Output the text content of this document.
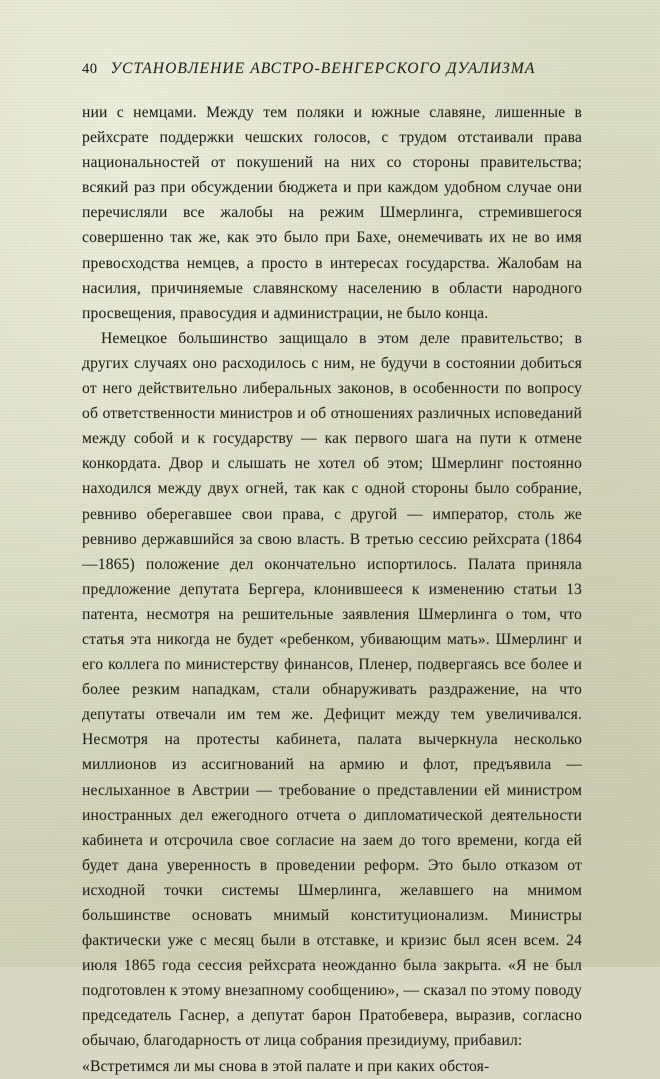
40 УСТАНОВЛЕНИЕ АВСТРО-ВЕНГЕРСКОГО ДУАЛИЗМА

нии с немцами. Между тем поляки и южные славяне, лишенные в рейхсрате поддержки чешских голосов, с трудом отстаивали права национальностей от покушений на них со стороны правительства; всякий раз при обсуждении бюджета и при каждом удобном случае они перечисляли все жалобы на режим Шмерлинга, стремившегося совершенно так же, как это было при Бахе, онемечивать их не во имя превосходства немцев, а просто в интересах государства. Жалобам на насилия, причиняемые славянскому населению в области народного просвещения, правосудия и администрации, не было конца.

Немецкое большинство защищало в этом деле правительство; в других случаях оно расходилось с ним, не будучи в состоянии добиться от него действительно либеральных законов, в особенности по вопросу об ответственности министров и об отношениях различных исповеданий между собой и к государству — как первого шага на пути к отмене конкордата. Двор и слышать не хотел об этом; Шмерлинг постоянно находился между двух огней, так как с одной стороны было собрание, ревниво оберегавшее свои права, с другой — император, столь же ревниво державшийся за свою власть. В третью сессию рейхсрата (1864—1865) положение дел окончательно испортилось. Палата приняла предложение депутата Бергера, клонившееся к изменению статьи 13 патента, несмотря на решительные заявления Шмерлинга о том, что статья эта никогда не будет «ребенком, убивающим мать». Шмерлинг и его коллега по министерству финансов, Пленер, подвергаясь все более и более резким нападкам, стали обнаруживать раздражение, на что депутаты отвечали им тем же. Дефицит между тем увеличивался. Несмотря на протесты кабинета, палата вычеркнула несколько миллионов из ассигнований на армию и флот, предъявила — неслыханное в Австрии — требование о представлении ей министром иностранных дел ежегодного отчета о дипломатической деятельности кабинета и отсрочила свое согласие на заем до того времени, когда ей будет дана уверенность в проведении реформ. Это было отказом от исходной точки системы Шмерлинга, желавшего на мнимом большинстве основать мнимый конституционализм. Министры фактически уже с месяц были в отставке, и кризис был ясен всем. 24 июля 1865 года сессия рейхсрата неожданно была закрыта. «Я не был подготовлен к этому внезапному сообщению», — сказал по этому поводу председатель Гаснер, а депутат барон Пратобевера, выразив, согласно обычаю, благодарность от лица собрания президиуму, прибавил:

«Встретимся ли мы снова в этой палате и при каких обстоя-
